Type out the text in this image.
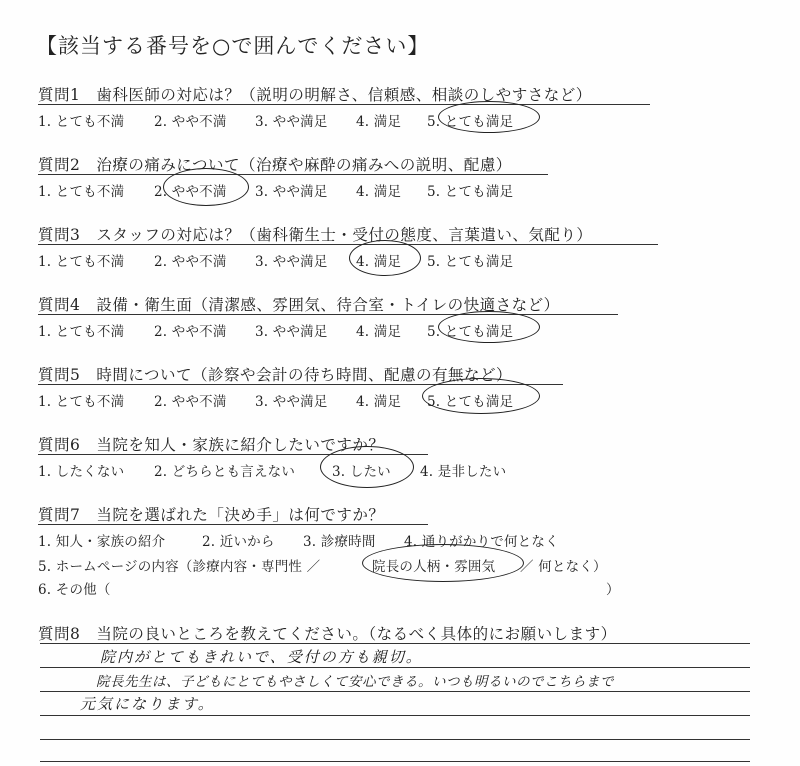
【該当する番号を○で囲んでください】
質問1　歯科医師の対応は？（説明の明解さ、信頼感、相談のしやすさなど）
1. とても不満 2. やや不満 3. やや満足 4. 満足 5. とても満足
質問2　治療の痛みについて（治療や麻酔の痛みへの説明、配慮）
1. とても不満 2. やや不満 3. やや満足 4. 満足 5. とても満足
質問3　スタッフの対応は？（歯科衛生士・受付の態度、言葉遣い、気配り）
1. とても不満 2. やや不満 3. やや満足 4. 満足 5. とても満足
質問4　設備・衛生面（清潔感、雰囲気、待合室・トイレの快適さなど）
1. とても不満 2. やや不満 3. やや満足 4. 満足 5. とても満足
質問5　時間について（診察や会計の待ち時間、配慮の有無など）
1. とても不満 2. やや不満 3. やや満足 4. 満足 5. とても満足
質問6　当院を知人・家族に紹介したいですか？
1. したくない 2. どちらとも言えない	3. したい 4. 是非したい
質問7　当院を選ばれた「決め手」は何ですか？
1. 知人・家族の紹介	2. 近いから 3. 診療時間 4. 通りがかりで何となく
5. ホームページの内容（診療内容・専門性 ／	院長の人柄・雰囲気 ／ 何となく）
6. その他（	）
質問8　当院の良いところを教えてください。（なるべく具体的にお願いします）
院内がとてもきれいで、受付の方も親切。
院長先生は、子どもにとてもやさしくて安心できる。いつも明るいのでこちらまで
元気になります。
